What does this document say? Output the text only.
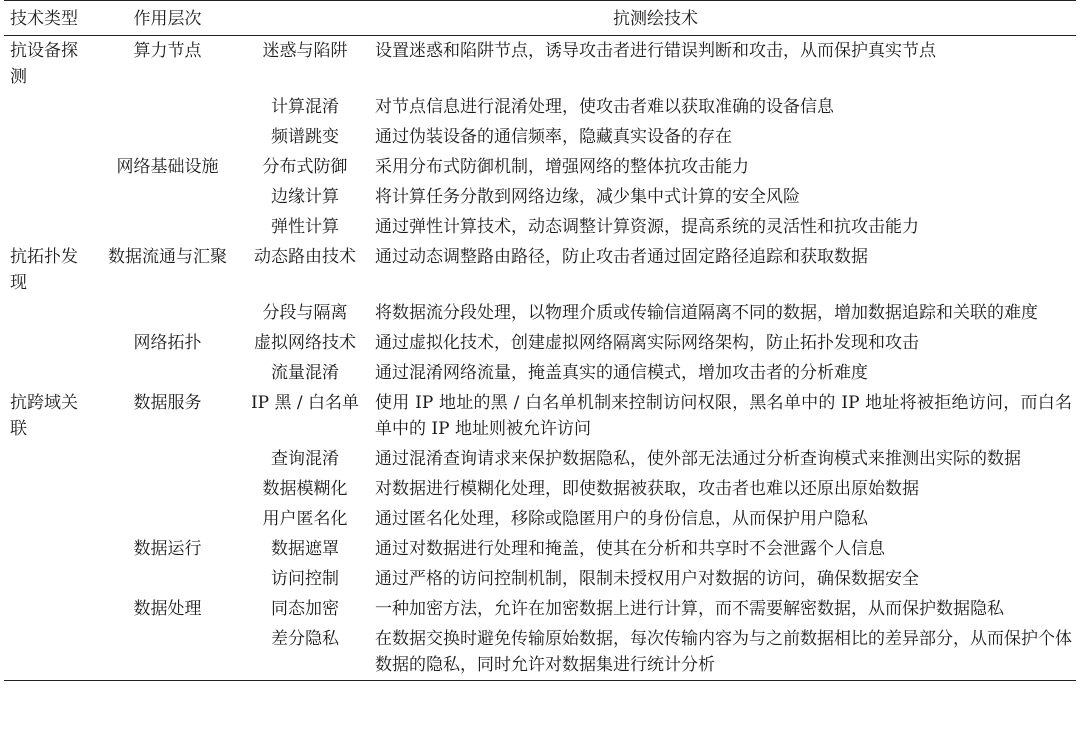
技术类型	作用层次	抗测绘技术	

抗设备探测	算力节点	迷惑与陷阱	设置迷惑和陷阱节点，诱导攻击者进行错误判断和攻击，从而保护真实节点

		计算混淆	对节点信息进行混淆处理，使攻击者难以获取准确的设备信息

		频谱跳变	通过伪装设备的通信频率，隐藏真实设备的存在

	网络基础设施	分布式防御	采用分布式防御机制，增强网络的整体抗攻击能力

		边缘计算	将计算任务分散到网络边缘，减少集中式计算的安全风险

		弹性计算	通过弹性计算技术，动态调整计算资源，提高系统的灵活性和抗攻击能力

抗拓扑发现	数据流通与汇聚	动态路由技术	通过动态调整路由路径，防止攻击者通过固定路径追踪和获取数据

		分段与隔离	将数据流分段处理，以物理介质或传输信道隔离不同的数据，增加数据追踪和关联的难度

	网络拓扑	虚拟网络技术	通过虚拟化技术，创建虚拟网络隔离实际网络架构，防止拓扑发现和攻击

		流量混淆	通过混淆网络流量，掩盖真实的通信模式，增加攻击者的分析难度

抗跨域关联	数据服务	IP 黑 / 白名单	使用 IP 地址的黑 / 白名单机制来控制访问权限，黑名单中的 IP 地址将被拒绝访问，而白名单中的 IP 地址则被允许访问

		查询混淆	通过混淆查询请求来保护数据隐私，使外部无法通过分析查询模式来推测出实际的数据

		数据模糊化	对数据进行模糊化处理，即使数据被获取，攻击者也难以还原出原始数据

		用户匿名化	通过匿名化处理，移除或隐匿用户的身份信息，从而保护用户隐私

	数据运行	数据遮罩	通过对数据进行处理和掩盖，使其在分析和共享时不会泄露个人信息

		访问控制	通过严格的访问控制机制，限制未授权用户对数据的访问，确保数据安全

	数据处理	同态加密	一种加密方法，允许在加密数据上进行计算，而不需要解密数据，从而保护数据隐私

		差分隐私	在数据交换时避免传输原始数据，每次传输内容为与之前数据相比的差异部分，从而保护个体数据的隐私，同时允许对数据集进行统计分析
